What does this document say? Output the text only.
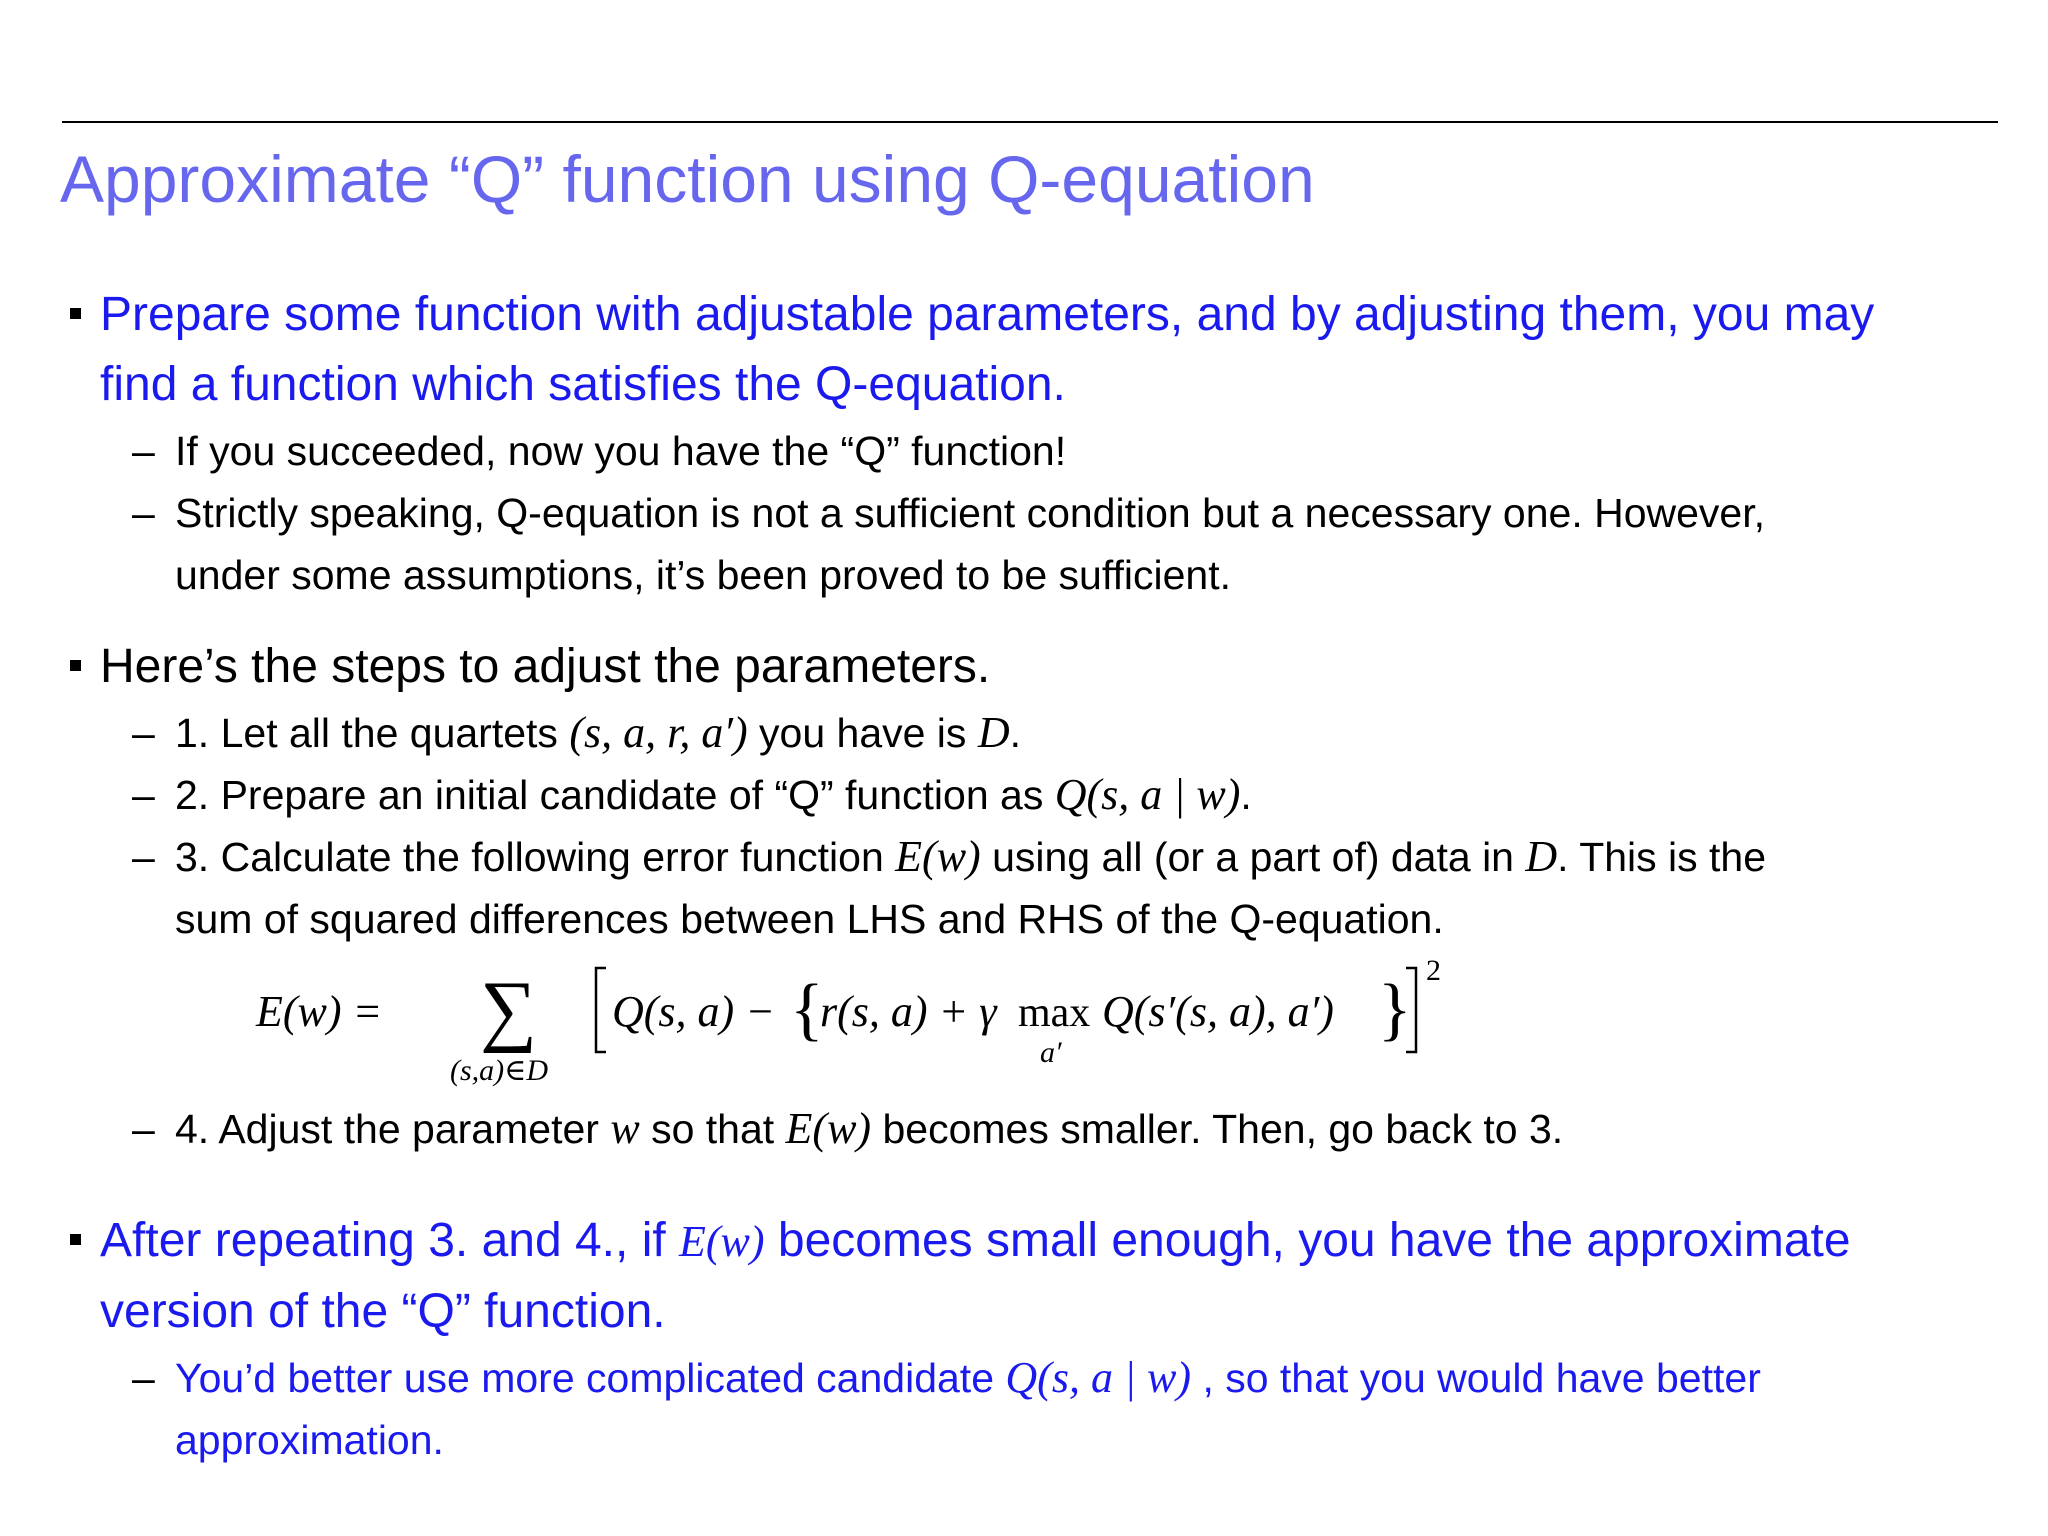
Approximate “Q” function using Q-equation
Prepare some function with adjustable parameters, and by adjusting them, you may
find a function which satisfies the Q-equation.
– If you succeeded, now you have the “Q” function!
– Strictly speaking, Q-equation is not a sufficient condition but a necessary one. However,
under some assumptions, it’s been proved to be sufficient.
Here’s the steps to adjust the parameters.
– 1. Let all the quartets (s, a, r, a′) you have is D.
– 2. Prepare an initial candidate of “Q” function as Q(s, a | w).
– 3. Calculate the following error function E(w) using all (or a part of) data in D. This is the
sum of squared differences between LHS and RHS of the Q-equation.
E(w) = ∑
(s,a)∈D
Q(s, a) − {
r(s, a) + γ max
a′
Q(s′(s, a), a′) }
2
– 4. Adjust the parameter w so that E(w) becomes smaller. Then, go back to 3.
After repeating 3. and 4., if E(w) becomes small enough, you have the approximate
version of the “Q” function.
– You’d better use more complicated candidate Q(s, a | w) , so that you would have better
approximation.
